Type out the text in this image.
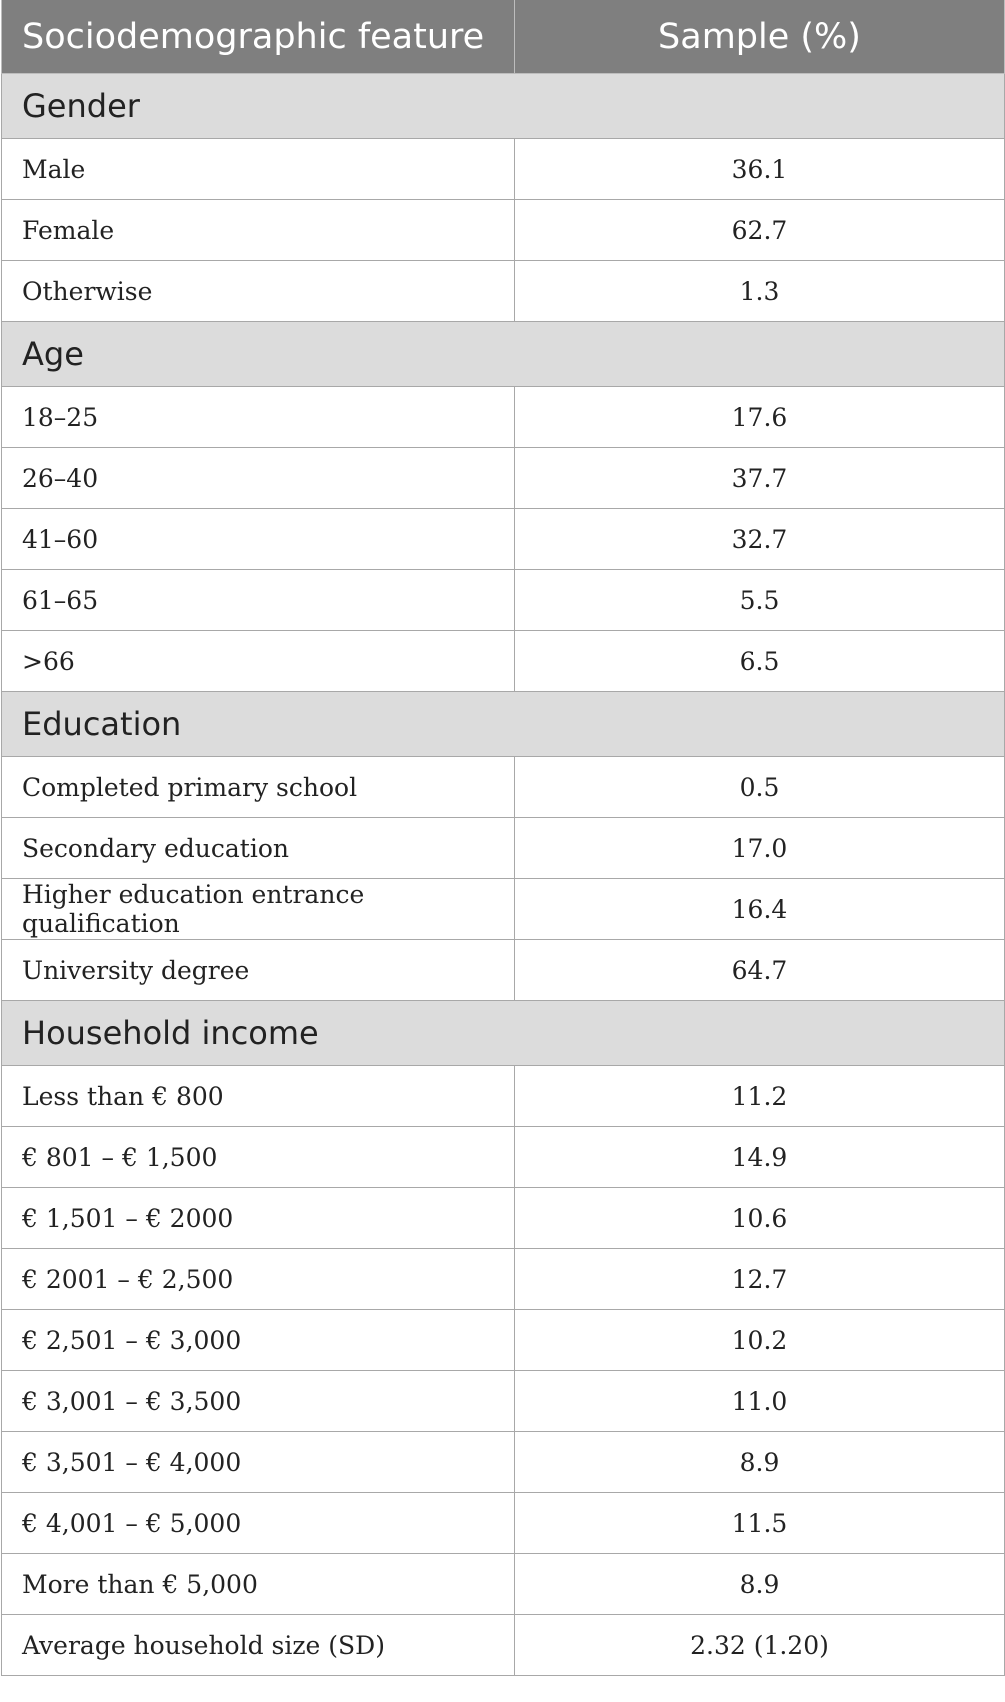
Sociodemographic feature	Sample (%)
Gender	
Male	36.1
Female	62.7
Otherwise	1.3
Age	
18–25	17.6
26–40	37.7
41–60	32.7
61–65	5.5
>66	6.5
Education	
Completed primary school	0.5
Secondary education	17.0
Higher education entrance qualification	16.4
University degree	64.7
Household income	
Less than € 800	11.2
€ 801 – € 1,500	14.9
€ 1,501 – € 2000	10.6
€ 2001 – € 2,500	12.7
€ 2,501 – € 3,000	10.2
€ 3,001 – € 3,500	11.0
€ 3,501 – € 4,000	8.9
€ 4,001 – € 5,000	11.5
More than € 5,000	8.9
Average household size (SD)	2.32 (1.20)
